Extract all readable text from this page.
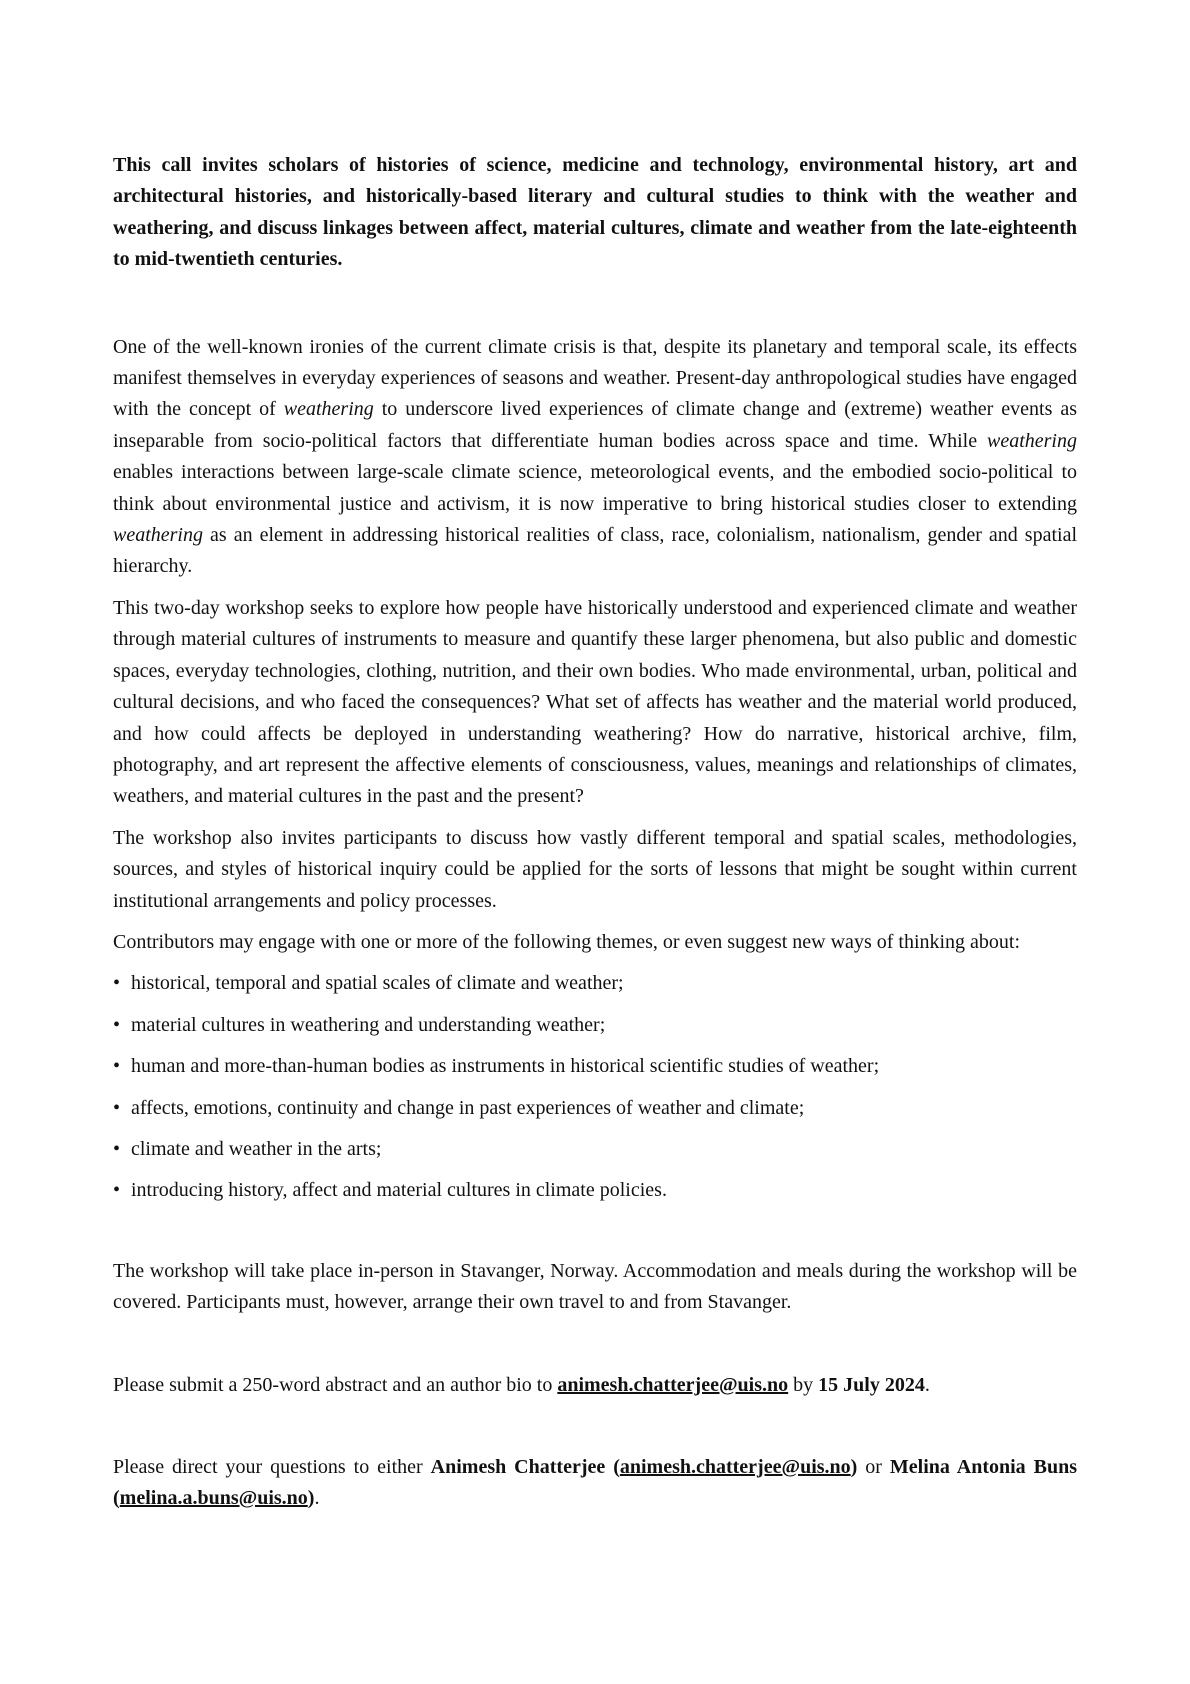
This call invites scholars of histories of science, medicine and technology, environmental history, art and architectural histories, and historically-based literary and cultural studies to think with the weather and weathering, and discuss linkages between affect, material cultures, climate and weather from the late-eighteenth to mid-twentieth centuries.

One of the well-known ironies of the current climate crisis is that, despite its planetary and temporal scale, its effects manifest themselves in everyday experiences of seasons and weather. Present-day anthropological studies have engaged with the concept of weathering to underscore lived experiences of climate change and (extreme) weather events as inseparable from socio-political factors that differentiate human bodies across space and time. While weathering enables interactions between large-scale climate science, meteorological events, and the embodied socio-political to think about environmental justice and activism, it is now imperative to bring historical studies closer to extending weathering as an element in addressing historical realities of class, race, colonialism, nationalism, gender and spatial hierarchy.

This two-day workshop seeks to explore how people have historically understood and experienced climate and weather through material cultures of instruments to measure and quantify these larger phenomena, but also public and domestic spaces, everyday technologies, clothing, nutrition, and their own bodies. Who made environmental, urban, political and cultural decisions, and who faced the consequences? What set of affects has weather and the material world produced, and how could affects be deployed in understanding weathering? How do narrative, historical archive, film, photography, and art represent the affective elements of consciousness, values, meanings and relationships of climates, weathers, and material cultures in the past and the present?

The workshop also invites participants to discuss how vastly different temporal and spatial scales, methodologies, sources, and styles of historical inquiry could be applied for the sorts of lessons that might be sought within current institutional arrangements and policy processes.

Contributors may engage with one or more of the following themes, or even suggest new ways of thinking about:

• historical, temporal and spatial scales of climate and weather;
• material cultures in weathering and understanding weather;
• human and more-than-human bodies as instruments in historical scientific studies of weather;
• affects, emotions, continuity and change in past experiences of weather and climate;
• climate and weather in the arts;
• introducing history, affect and material cultures in climate policies.

The workshop will take place in-person in Stavanger, Norway. Accommodation and meals during the workshop will be covered. Participants must, however, arrange their own travel to and from Stavanger.

Please submit a 250-word abstract and an author bio to animesh.chatterjee@uis.no by 15 July 2024.

Please direct your questions to either Animesh Chatterjee (animesh.chatterjee@uis.no) or Melina Antonia Buns (melina.a.buns@uis.no).
